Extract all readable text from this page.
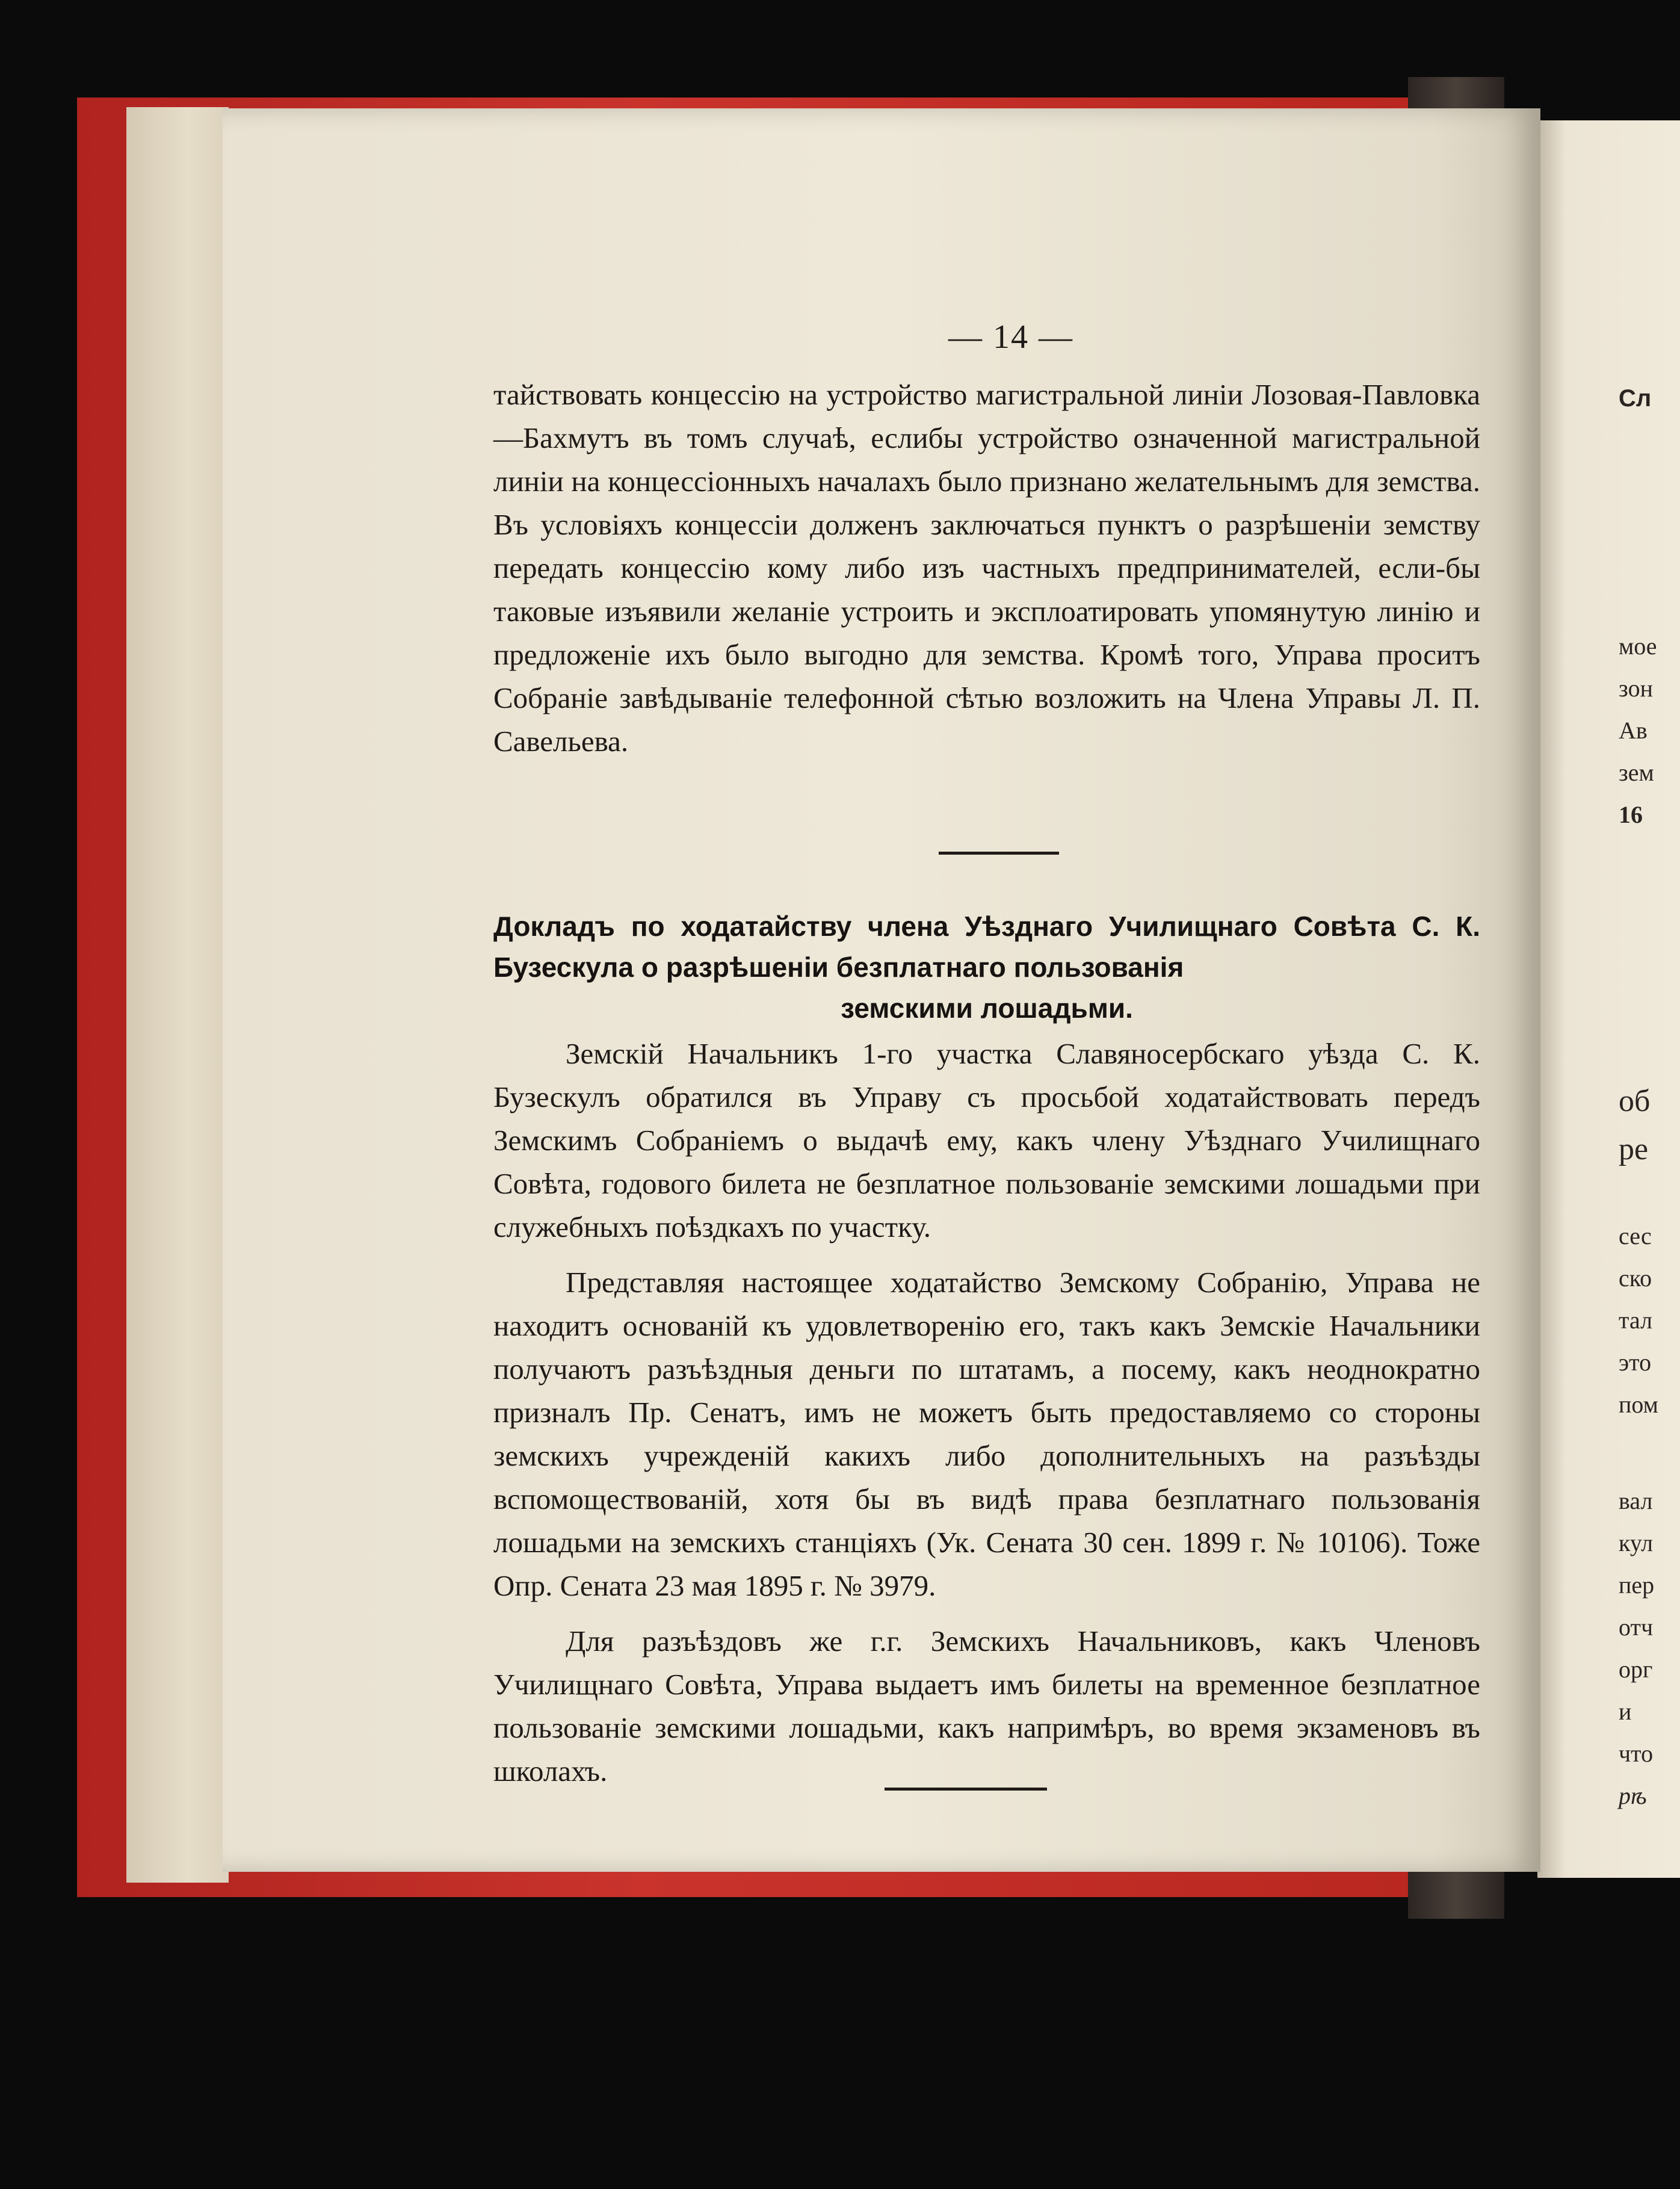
— 14 —

тайствовать концессію на устройство магистральной линіи Лозовая-Павловка—Бахмутъ въ томъ случаѣ, еслибы устройство означенной магистральной линіи на концессіонныхъ началахъ было признано желательнымъ для земства. Въ условіяхъ концессіи долженъ заключаться пунктъ о разрѣшеніи земству передать концессію кому либо изъ частныхъ предпринимателей, если-бы таковые изъявили желаніе устроить и эксплоатировать упомянутую линію и предложеніе ихъ было выгодно для земства. Кромѣ того, Управа проситъ Собраніе завѣдываніе телефонной сѣтью возложить на Члена Управы Л. П. Савельева.

Докладъ по ходатайству члена Уѣзднаго Училищнаго Совѣта С. К. Бузескула о разрѣшеніи безплатнаго пользованія
земскими лошадьми.

Земскій Начальникъ 1-го участка Славяносербскаго уѣзда С. К. Бузескулъ обратился въ Управу съ просьбой ходатайствовать передъ Земскимъ Собраніемъ о выдачѣ ему, какъ члену Уѣзднаго Училищнаго Совѣта, годового билета не безплатное пользованіе земскими лошадьми при служебныхъ поѣздкахъ по участку.

Представляя настоящее ходатайство Земскому Собранію, Управа не находитъ основаній къ удовлетворенію его, такъ какъ Земскіе Начальники получаютъ разъѣздныя деньги по штатамъ, а посему, какъ неоднократно призналъ Пр. Сенатъ, имъ не можетъ быть предоставляемо со стороны земскихъ учрежденій какихъ либо дополнительныхъ на разъѣзды вспомоществованій, хотя бы въ видѣ права безплатнаго пользованія лошадьми на земскихъ станціяхъ (Ук. Сената 30 сен. 1899 г. № 10106). Тоже Опр. Сената 23 мая 1895 г. № 3979.

Для разъѣздовъ же г.г. Земскихъ Начальниковъ, какъ Членовъ Училищнаго Совѣта, Управа выдаетъ имъ билеты на временное безплатное пользованіе земскими лошадьми, какъ напримѣръ, во время экзаменовъ въ школахъ.

Сл
мое
зон
Ав
зем
16
об
ре
сес
ско
тал
это
пом
вал
кул
пер
отч
орг
и
что
рѣ
